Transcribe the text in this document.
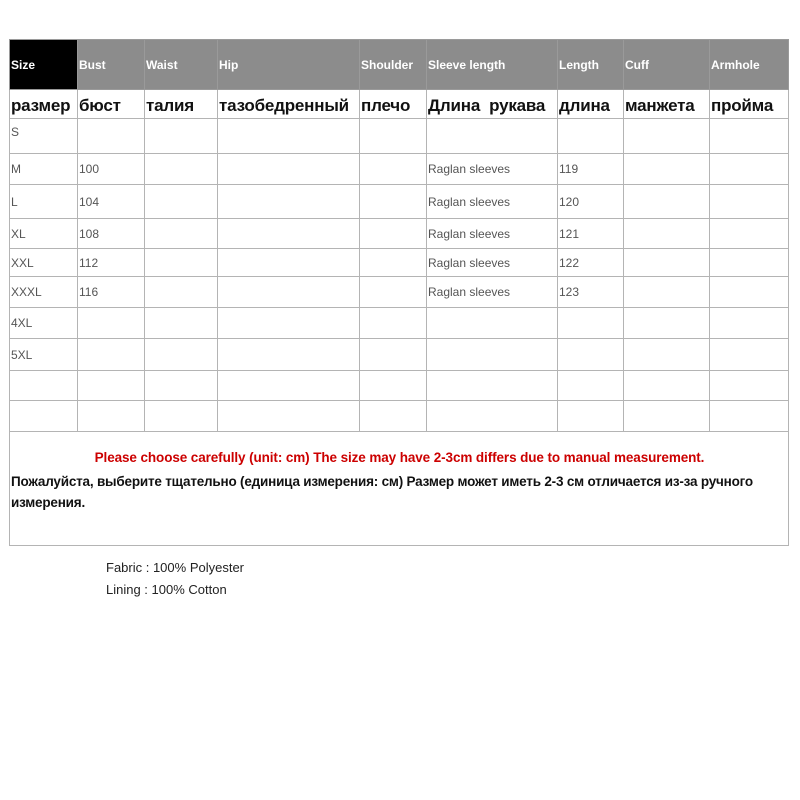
Size	Bust	Waist	Hip	Shoulder	Sleeve length	Length	Cuff	Armhole
размер	бюст	талия	тазобедренный	плечо	Длина  рукава	длина	манжета	пройма
S								
M	100				Raglan sleeves	119		
L	104				Raglan sleeves	120		
XL	108				Raglan sleeves	121		
XXL	112				Raglan sleeves	122		
XXXL	116				Raglan sleeves	123		
4XL								
5XL								

Please choose carefully (unit: cm) The size may have 2-3cm differs due to manual measurement.

Пожалуйста, выберите тщательно (единица измерения: см) Размер может иметь 2-3 см отличается из-за ручного измерения.								

Fabric : 100% Polyester
Lining : 100% Cotton
